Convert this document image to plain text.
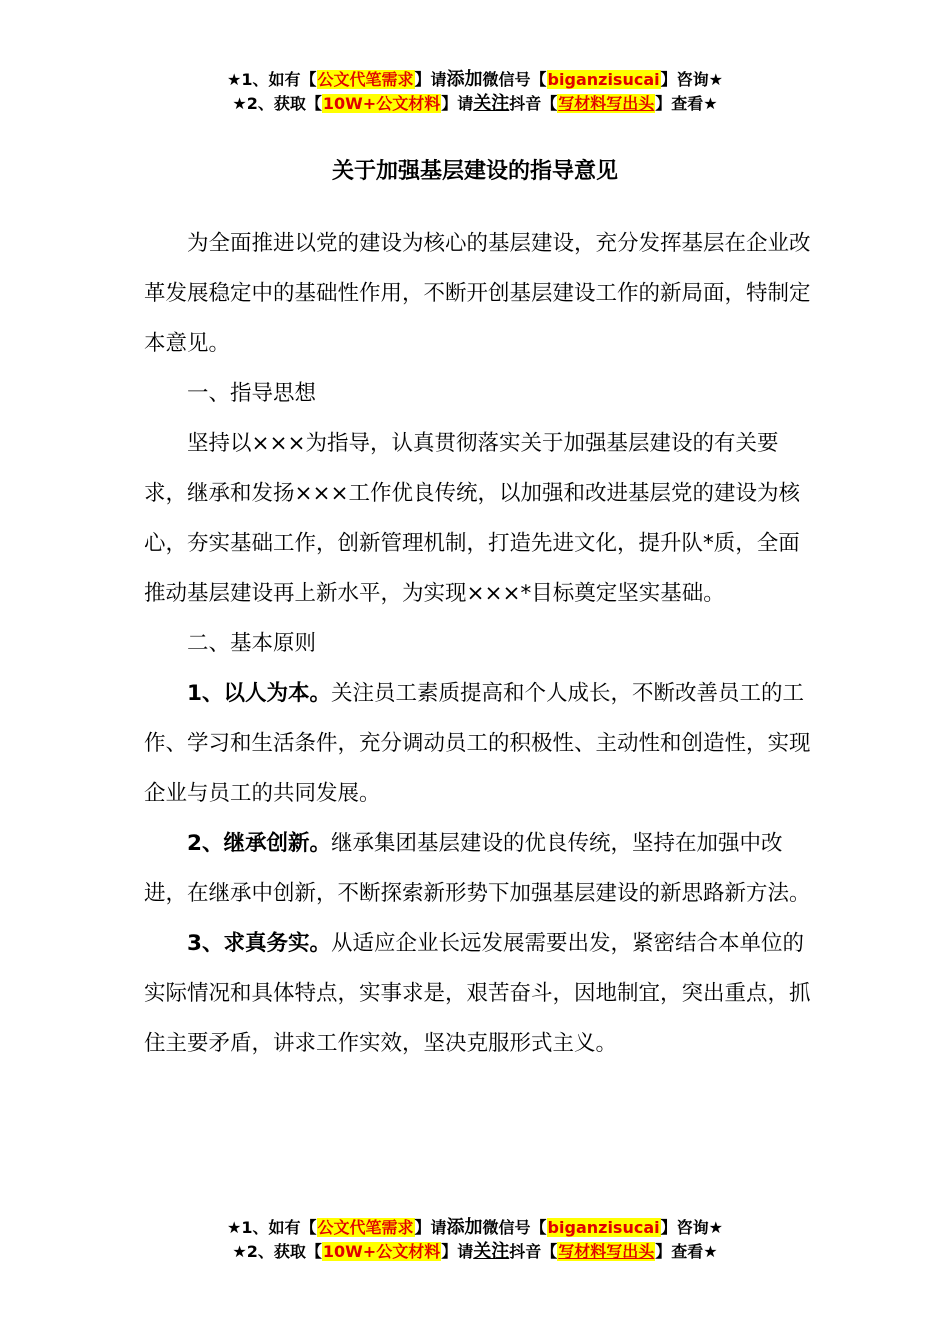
★1、如有【公文代笔需求】请添加微信号【biganzisucai】咨询★
★2、获取【10W+公文材料】请关注抖音【写材料写出头】查看★
关于加强基层建设的指导意见

为全面推进以党的建设为核心的基层建设，充分发挥基层在企业改革发展稳定中的基础性作用，不断开创基层建设工作的新局面，特制定本意见。

一、指导思想

坚持以×××为指导，认真贯彻落实关于加强基层建设的有关要求，继承和发扬×××工作优良传统，以加强和改进基层党的建设为核心，夯实基础工作，创新管理机制，打造先进文化，提升队*质，全面推动基层建设再上新水平，为实现×××*目标奠定坚实基础。

二、基本原则

1、以人为本。关注员工素质提高和个人成长，不断改善员工的工作、学习和生活条件，充分调动员工的积极性、主动性和创造性，实现企业与员工的共同发展。

2、继承创新。继承集团基层建设的优良传统，坚持在加强中改进，在继承中创新，不断探索新形势下加强基层建设的新思路新方法。

3、求真务实。从适应企业长远发展需要出发，紧密结合本单位的实际情况和具体特点，实事求是，艰苦奋斗，因地制宜，突出重点，抓住主要矛盾，讲求工作实效，坚决克服形式主义。

★1、如有【公文代笔需求】请添加微信号【biganzisucai】咨询★
★2、获取【10W+公文材料】请关注抖音【写材料写出头】查看★
